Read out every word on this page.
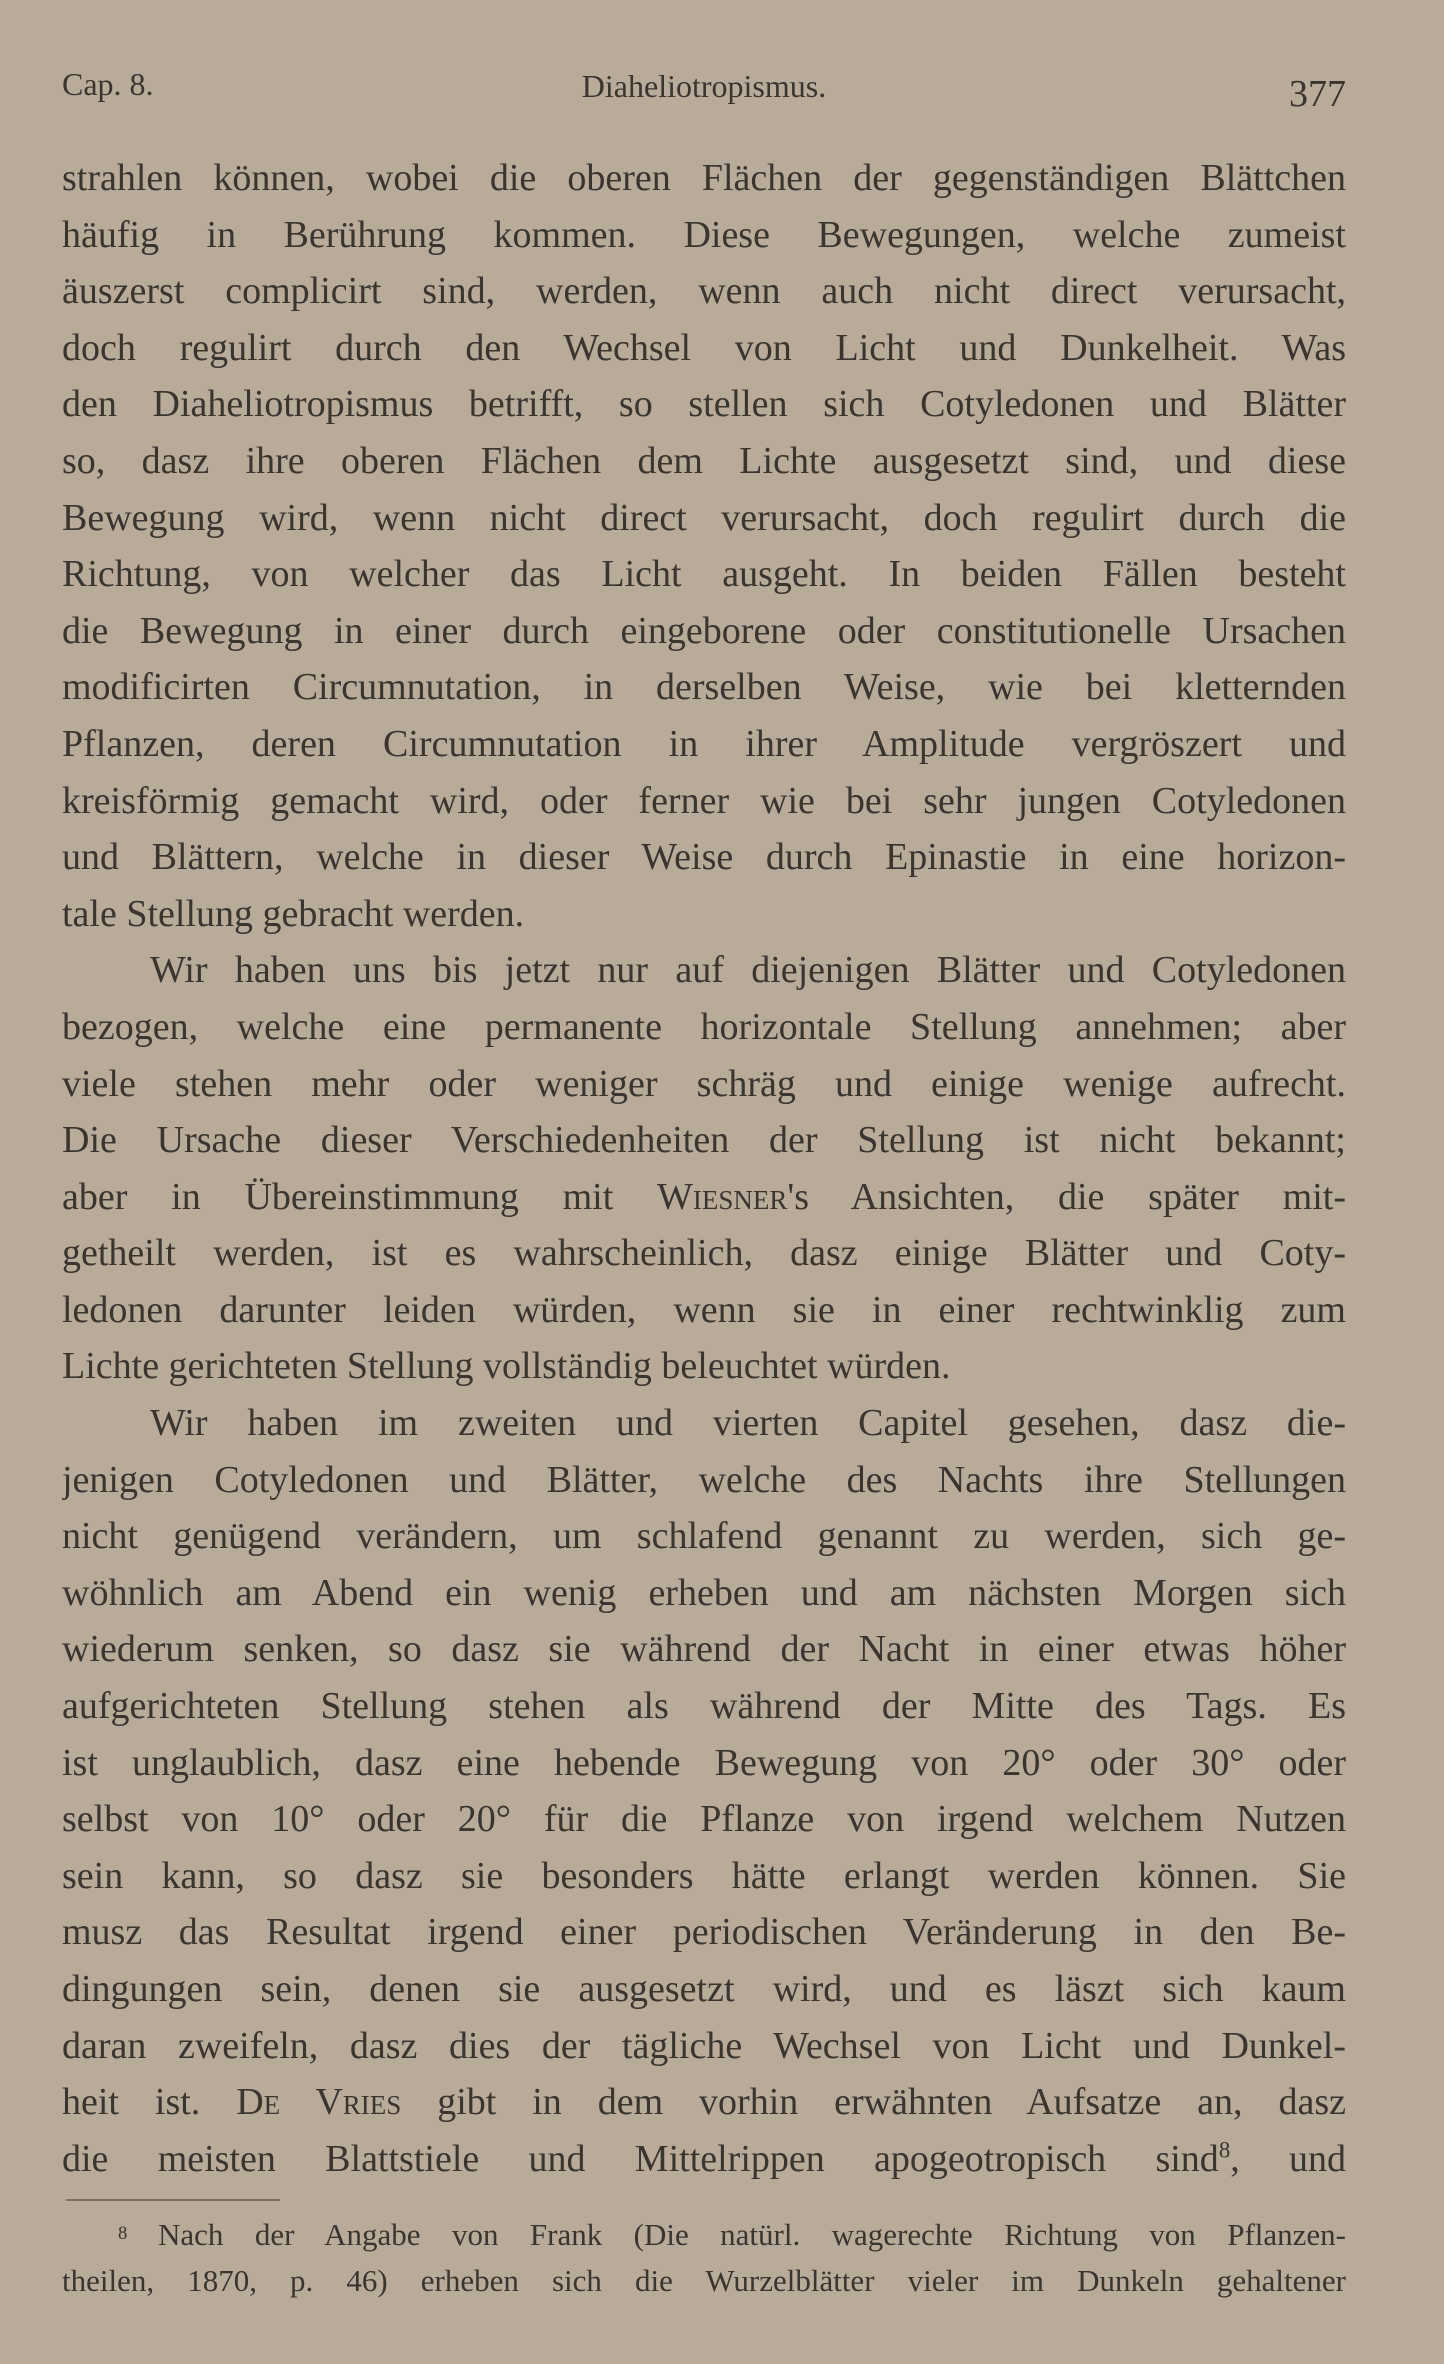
Cap. 8.	Diaheliotropismus.	377
strahlen können, wobei die oberen Flächen der gegenständigen Blättchen
häufig in Berührung kommen. Diese Bewegungen, welche zumeist
äuszerst complicirt sind, werden, wenn auch nicht direct verursacht,
doch regulirt durch den Wechsel von Licht und Dunkelheit. Was
den Diaheliotropismus betrifft, so stellen sich Cotyledonen und Blätter
so, dasz ihre oberen Flächen dem Lichte ausgesetzt sind, und diese
Bewegung wird, wenn nicht direct verursacht, doch regulirt durch die
Richtung, von welcher das Licht ausgeht. In beiden Fällen besteht
die Bewegung in einer durch eingeborene oder constitutionelle Ursachen
modificirten Circumnutation, in derselben Weise, wie bei kletternden
Pflanzen, deren Circumnutation in ihrer Amplitude vergröszert und
kreisförmig gemacht wird, oder ferner wie bei sehr jungen Cotyledonen
und Blättern, welche in dieser Weise durch Epinastie in eine horizon-
tale Stellung gebracht werden.
Wir haben uns bis jetzt nur auf diejenigen Blätter und Cotyledonen
bezogen, welche eine permanente horizontale Stellung annehmen; aber
viele stehen mehr oder weniger schräg und einige wenige aufrecht.
Die Ursache dieser Verschiedenheiten der Stellung ist nicht bekannt;
aber in Übereinstimmung mit Wiesner's Ansichten, die später mit-
getheilt werden, ist es wahrscheinlich, dasz einige Blätter und Coty-
ledonen darunter leiden würden, wenn sie in einer rechtwinklig zum
Lichte gerichteten Stellung vollständig beleuchtet würden.
Wir haben im zweiten und vierten Capitel gesehen, dasz die-
jenigen Cotyledonen und Blätter, welche des Nachts ihre Stellungen
nicht genügend verändern, um schlafend genannt zu werden, sich ge-
wöhnlich am Abend ein wenig erheben und am nächsten Morgen sich
wiederum senken, so dasz sie während der Nacht in einer etwas höher
aufgerichteten Stellung stehen als während der Mitte des Tags. Es
ist unglaublich, dasz eine hebende Bewegung von 20° oder 30° oder
selbst von 10° oder 20° für die Pflanze von irgend welchem Nutzen
sein kann, so dasz sie besonders hätte erlangt werden können. Sie
musz das Resultat irgend einer periodischen Veränderung in den Be-
dingungen sein, denen sie ausgesetzt wird, und es läszt sich kaum
daran zweifeln, dasz dies der tägliche Wechsel von Licht und Dunkel-
heit ist. De Vries gibt in dem vorhin erwähnten Aufsatze an, dasz
die meisten Blattstiele und Mittelrippen apogeotropisch sind$^8$, und
8 Nach der Angabe von Frank (Die natürl. wagerechte Richtung von Pflanzen-
theilen, 1870, p. 46) erheben sich die Wurzelblätter vieler im Dunkeln gehaltener
